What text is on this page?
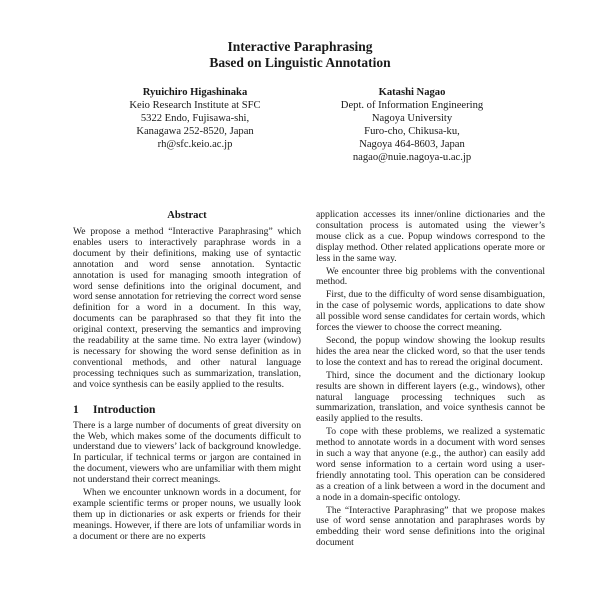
Interactive Paraphrasing
Based on Linguistic Annotation
Ryuichiro Higashinaka
Keio Research Institute at SFC
5322 Endo, Fujisawa-shi,
Kanagawa 252-8520, Japan
rh@sfc.keio.ac.jp
Katashi Nagao
Dept. of Information Engineering
Nagoya University
Furo-cho, Chikusa-ku,
Nagoya 464-8603, Japan
nagao@nuie.nagoya-u.ac.jp
Abstract

We propose a method “Interactive Paraphrasing” which enables users to interactively paraphrase words in a document by their definitions, making use of syntactic annotation and word sense annotation. Syntactic annotation is used for managing smooth integration of word sense definitions into the original document, and word sense annotation for retrieving the correct word sense definition for a word in a document. In this way, documents can be paraphrased so that they fit into the original context, preserving the semantics and improving the readability at the same time. No extra layer (window) is necessary for showing the word sense definition as in conventional methods, and other natural language processing techniques such as summarization, translation, and voice synthesis can be easily applied to the results.

1 Introduction

There is a large number of documents of great diversity on the Web, which makes some of the documents difficult to understand due to viewers’ lack of background knowledge. In particular, if technical terms or jargon are contained in the document, viewers who are unfamiliar with them might not understand their correct meanings.

When we encounter unknown words in a document, for example scientific terms or proper nouns, we usually look them up in dictionaries or ask experts or friends for their meanings. However, if there are lots of unfamiliar words in a document or there are no experts

application accesses its inner/online dictionaries and the consultation process is automated using the viewer’s mouse click as a cue. Popup windows correspond to the display method. Other related applications operate more or less in the same way.

We encounter three big problems with the conventional method.

First, due to the difficulty of word sense disambiguation, in the case of polysemic words, applications to date show all possible word sense candidates for certain words, which forces the viewer to choose the correct meaning.

Second, the popup window showing the lookup results hides the area near the clicked word, so that the user tends to lose the context and has to reread the original document.

Third, since the document and the dictionary lookup results are shown in different layers (e.g., windows), other natural language processing techniques such as summarization, translation, and voice synthesis cannot be easily applied to the results.

To cope with these problems, we realized a systematic method to annotate words in a document with word senses in such a way that anyone (e.g., the author) can easily add word sense information to a certain word using a user-friendly annotating tool. This operation can be considered as a creation of a link between a word in the document and a node in a domain-specific ontology.

The “Interactive Paraphrasing” that we propose makes use of word sense annotation and paraphrases words by embedding their word sense definitions into the original document
